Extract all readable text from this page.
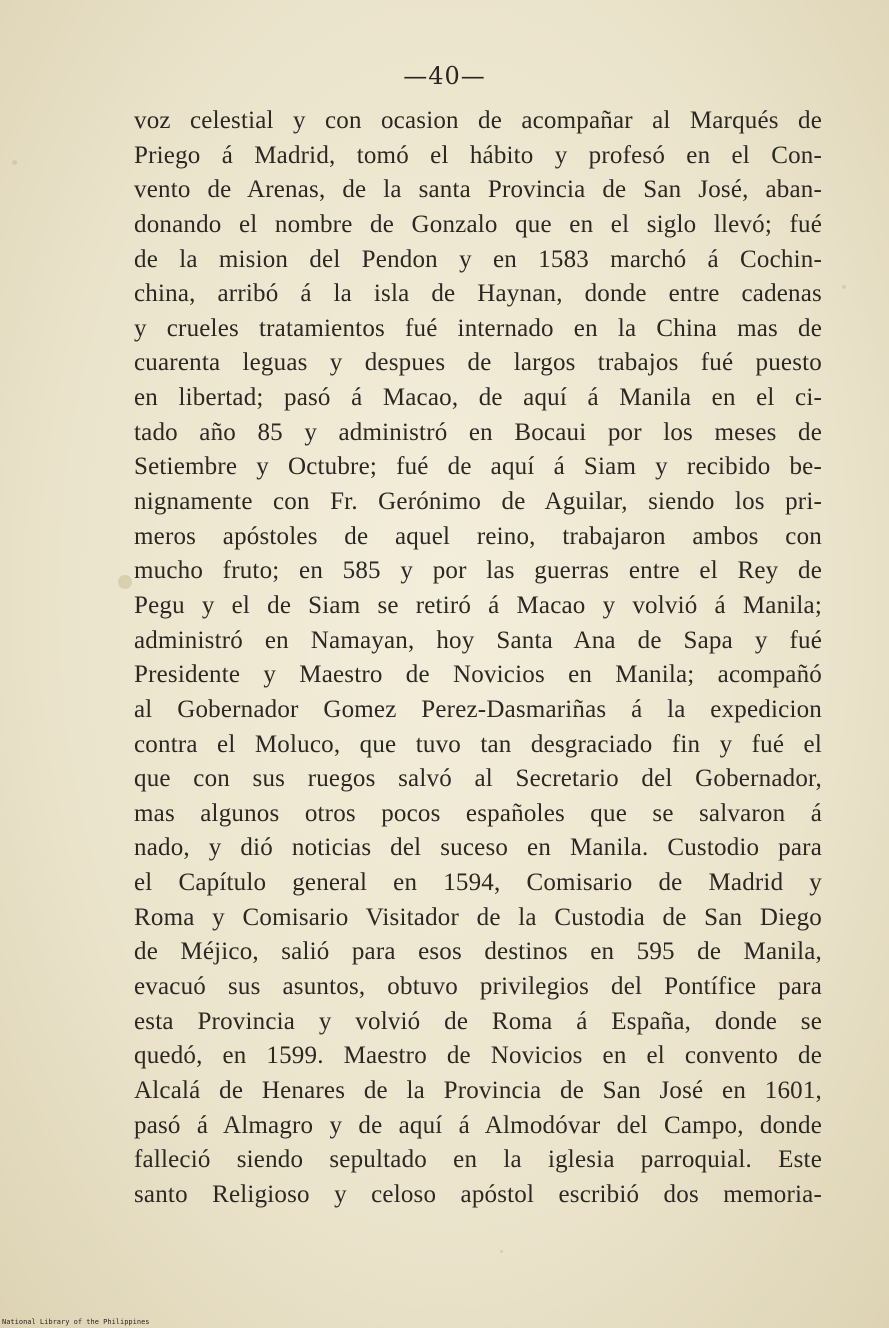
—40—
voz celestial y con ocasion de acompañar al Marqués de
Priego á Madrid, tomó el hábito y profesó en el Con-
vento de Arenas, de la santa Provincia de San José, aban-
donando el nombre de Gonzalo que en el siglo llevó; fué
de la mision del Pendon y en 1583 marchó á Cochin-
china, arribó á la isla de Haynan, donde entre cadenas
y crueles tratamientos fué internado en la China mas de
cuarenta leguas y despues de largos trabajos fué puesto
en libertad; pasó á Macao, de aquí á Manila en el ci-
tado año 85 y administró en Bocaui por los meses de
Setiembre y Octubre; fué de aquí á Siam y recibido be-
nignamente con Fr. Gerónimo de Aguilar, siendo los pri-
meros apóstoles de aquel reino, trabajaron ambos con
mucho fruto; en 585 y por las guerras entre el Rey de
Pegu y el de Siam se retiró á Macao y volvió á Manila;
administró en Namayan, hoy Santa Ana de Sapa y fué
Presidente y Maestro de Novicios en Manila; acompañó
al Gobernador Gomez Perez-Dasmariñas á la expedicion
contra el Moluco, que tuvo tan desgraciado fin y fué el
que con sus ruegos salvó al Secretario del Gobernador,
mas algunos otros pocos españoles que se salvaron á
nado, y dió noticias del suceso en Manila. Custodio para
el Capítulo general en 1594, Comisario de Madrid y
Roma y Comisario Visitador de la Custodia de San Diego
de Méjico, salió para esos destinos en 595 de Manila,
evacuó sus asuntos, obtuvo privilegios del Pontífice para
esta Provincia y volvió de Roma á España, donde se
quedó, en 1599. Maestro de Novicios en el convento de
Alcalá de Henares de la Provincia de San José en 1601,
pasó á Almagro y de aquí á Almodóvar del Campo, donde
falleció siendo sepultado en la iglesia parroquial. Este
santo Religioso y celoso apóstol escribió dos memoria-
National Library of the Philippines
